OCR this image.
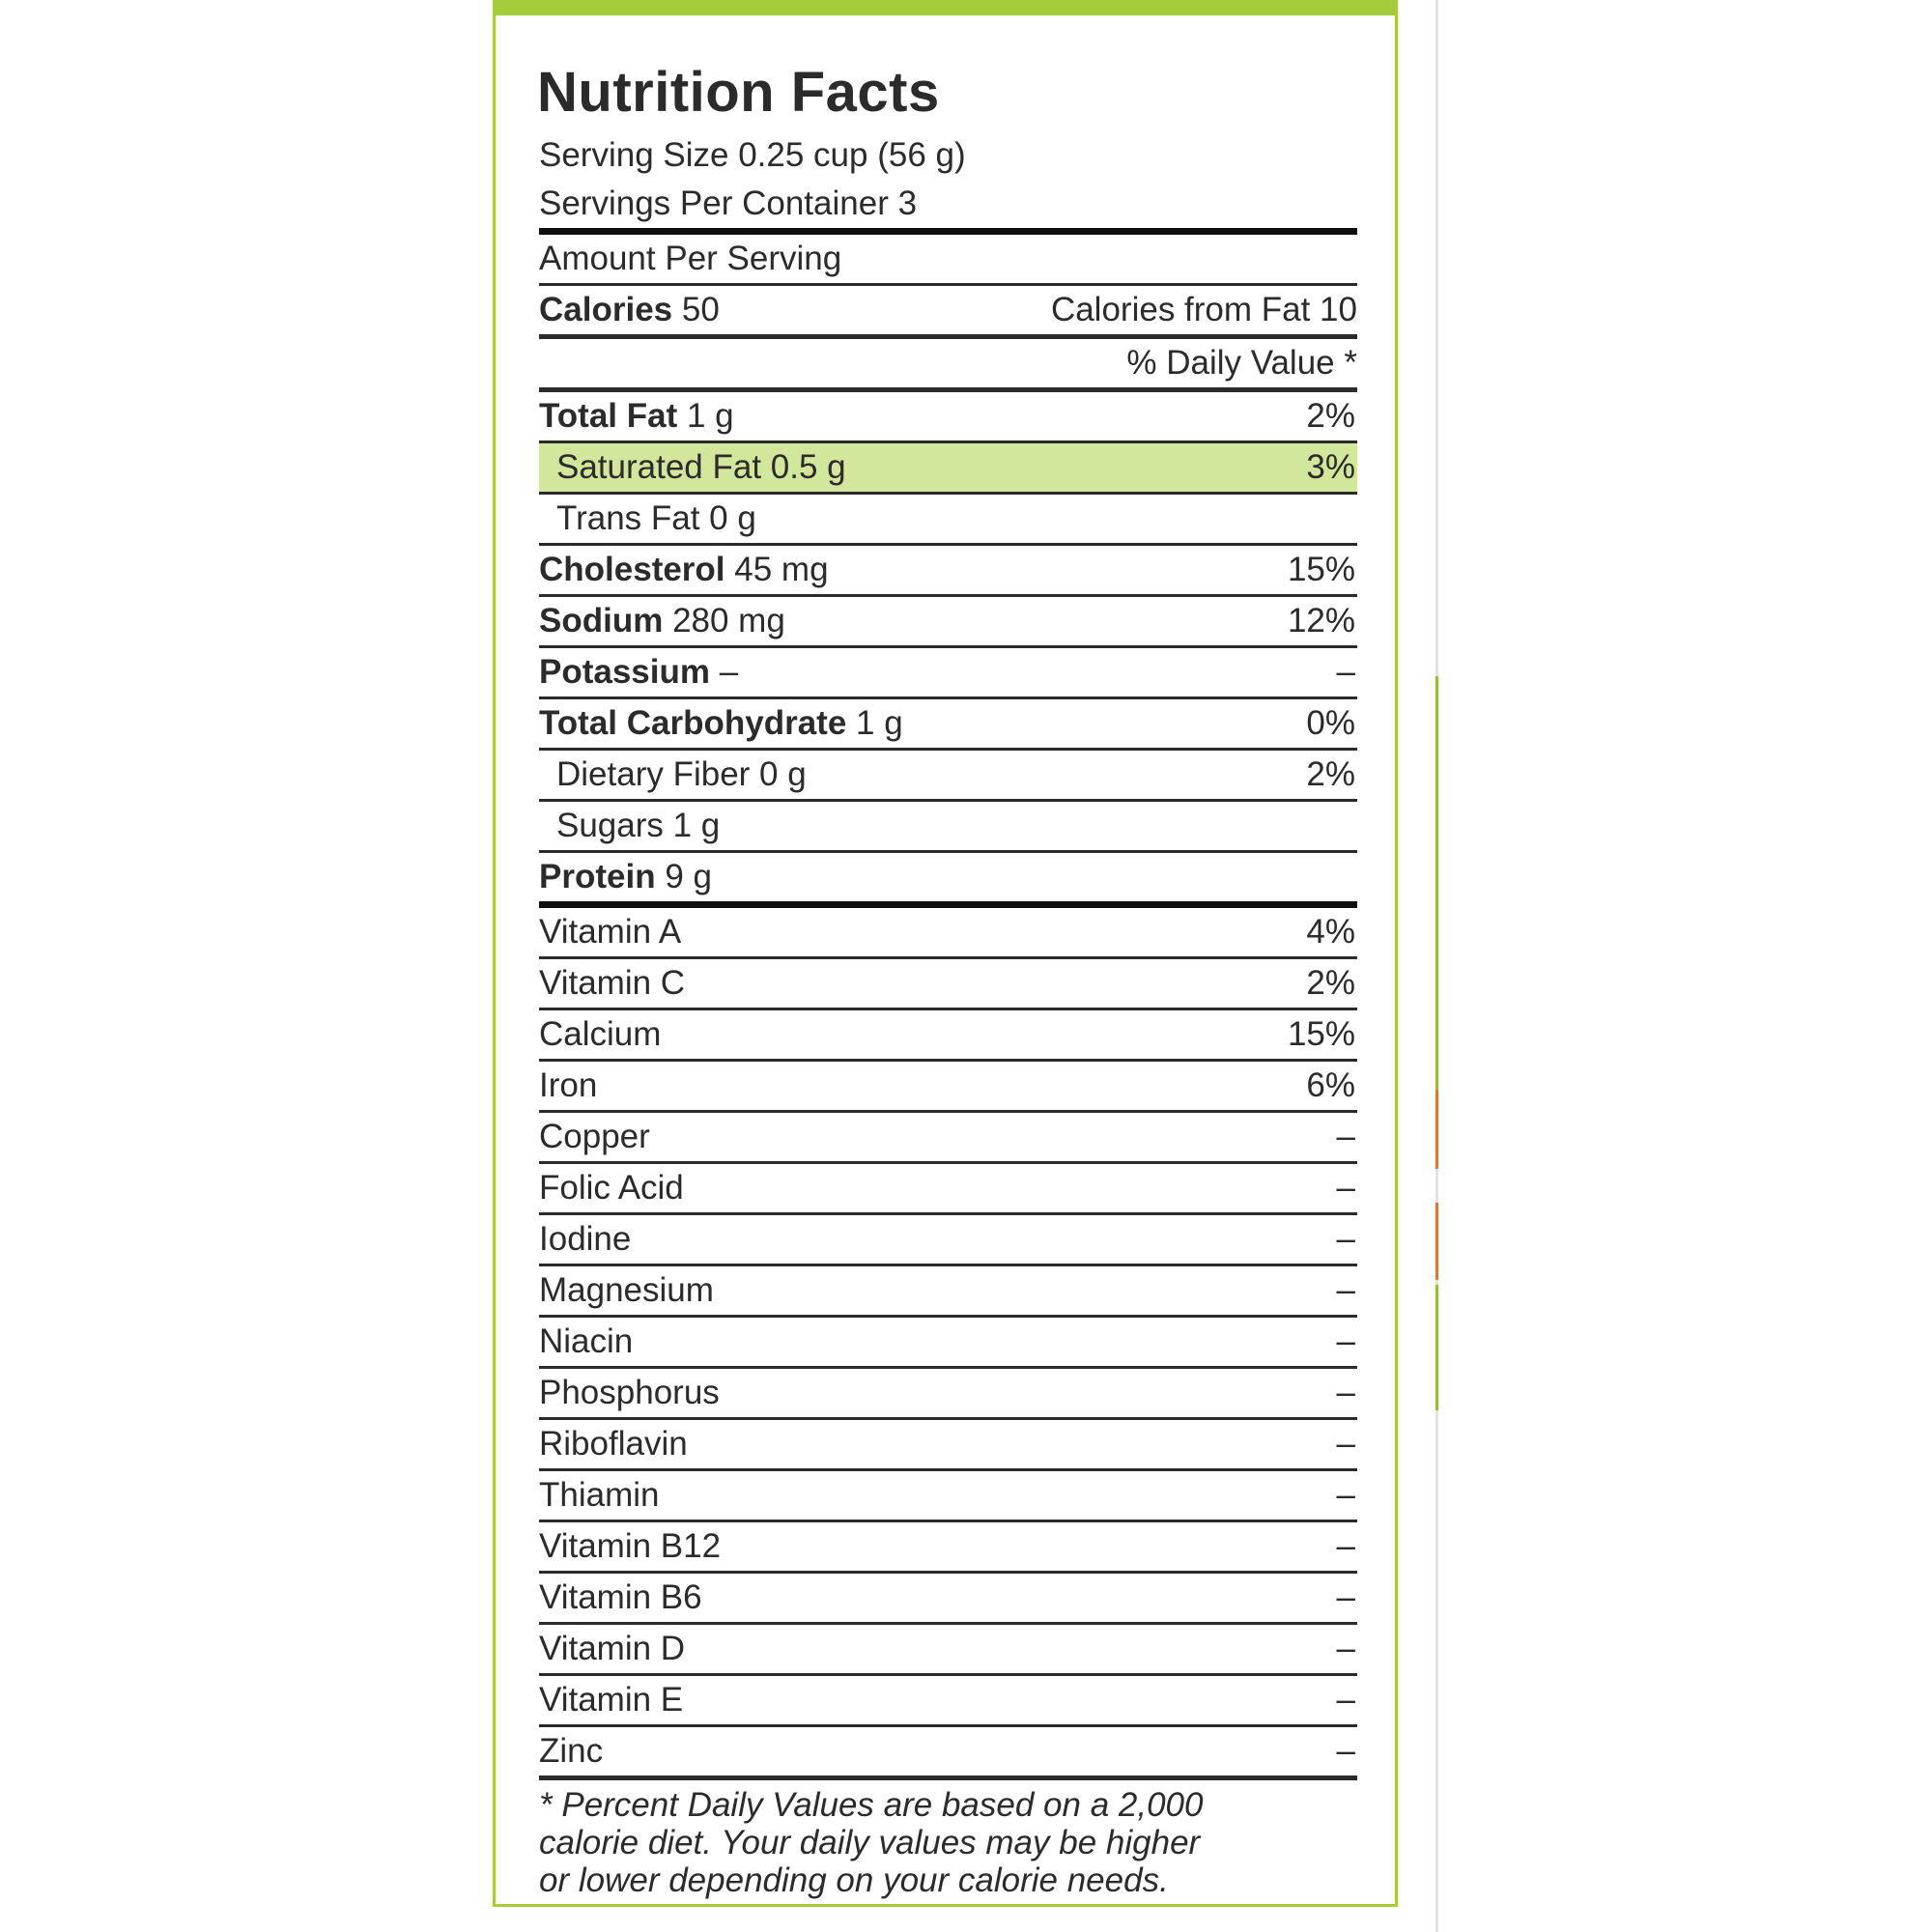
Nutrition Facts
Serving Size 0.25 cup (56 g)
Servings Per Container 3
Amount Per Serving
Calories 50	Calories from Fat 10
% Daily Value *
Total Fat 1 g	2%
Saturated Fat 0.5 g	3%
Trans Fat 0 g
Cholesterol 45 mg	15%
Sodium 280 mg	12%
Potassium –	–
Total Carbohydrate 1 g	0%
Dietary Fiber 0 g	2%
Sugars 1 g
Protein 9 g
Vitamin A	4%
Vitamin C	2%
Calcium	15%
Iron	6%
Copper	–
Folic Acid	–
Iodine	–
Magnesium	–
Niacin	–
Phosphorus	–
Riboflavin	–
Thiamin	–
Vitamin B12	–
Vitamin B6	–
Vitamin D	–
Vitamin E	–
Zinc	–
* Percent Daily Values are based on a 2,000
calorie diet. Your daily values may be higher
or lower depending on your calorie needs.
